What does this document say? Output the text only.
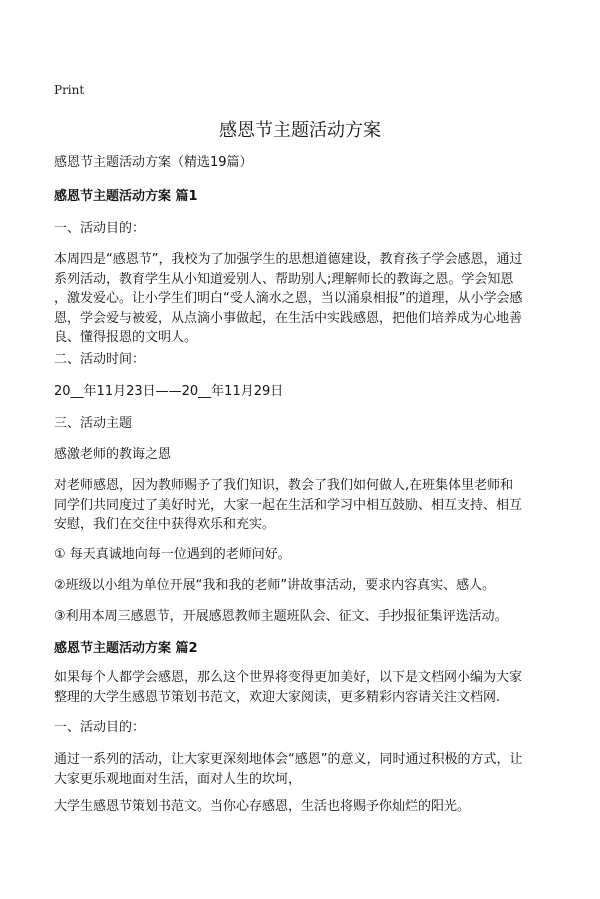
Print
感恩节主题活动方案
感恩节主题活动方案（精选19篇）
感恩节主题活动方案 篇1
一、活动目的：
本周四是“感恩节”，我校为了加强学生的思想道德建设，教育孩子学会感恩，通过
系列活动，教育学生从小知道爱别人、帮助别人;理解师长的教诲之恩。学会知恩
，激发爱心。让小学生们明白“受人滴水之恩，当以涌泉相报”的道理，从小学会感
恩，学会爱与被爱，从点滴小事做起，在生活中实践感恩，把他们培养成为心地善
良、懂得报恩的文明人。
二、活动时间：
20__年11月23日——20__年11月29日
三、活动主题
感激老师的教诲之恩
对老师感恩，因为教师赐予了我们知识，教会了我们如何做人,在班集体里老师和
同学们共同度过了美好时光，大家一起在生活和学习中相互鼓励、相互支持、相互
安慰，我们在交往中获得欢乐和充实。
① 每天真诚地向每一位遇到的老师问好。
②班级以小组为单位开展“我和我的老师”讲故事活动，要求内容真实、感人。
③利用本周三感恩节，开展感恩教师主题班队会、征文、手抄报征集评选活动。
感恩节主题活动方案 篇2
如果每个人都学会感恩，那么这个世界将变得更加美好，以下是文档网小编为大家
整理的大学生感恩节策划书范文，欢迎大家阅读，更多精彩内容请关注文档网.
一、活动目的：
通过一系列的活动，让大家更深刻地体会“感恩”的意义，同时通过积极的方式，让
大家更乐观地面对生活，面对人生的坎坷，
大学生感恩节策划书范文。当你心存感恩，生活也将赐予你灿烂的阳光。
